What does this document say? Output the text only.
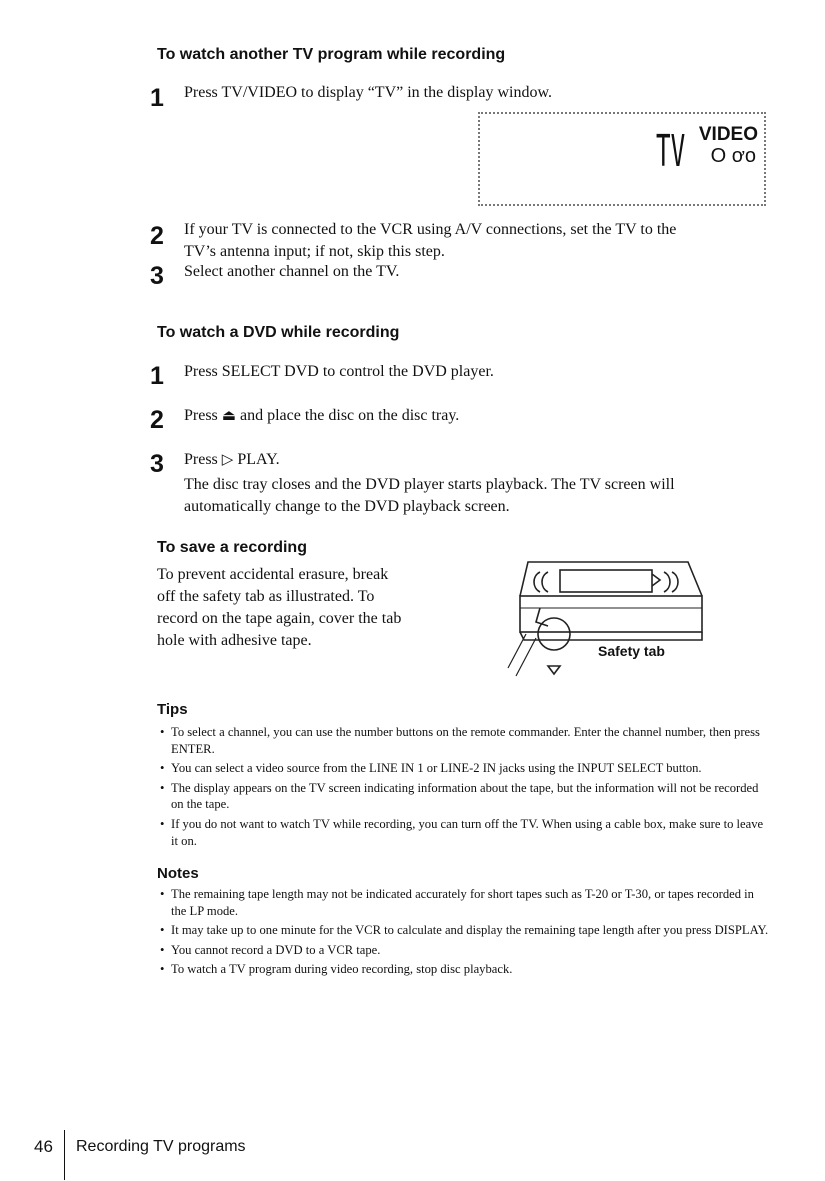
To watch another TV program while recording
1 Press TV/VIDEO to display “TV” in the display window.
VIDEO
TV O ơo
2 If your TV is connected to the VCR using A/V connections, set the TV to the
TV’s antenna input; if not, skip this step.
3 Select another channel on the TV.
To watch a DVD while recording
1 Press SELECT DVD to control the DVD player.
2 Press ⏏ and place the disc on the disc tray.
3 Press ▷ PLAY.
The disc tray closes and the DVD player starts playback. The TV screen will
automatically change to the DVD playback screen.
To save a recording
To prevent accidental erasure, break
off the safety tab as illustrated. To
record on the tape again, cover the tab
hole with adhesive tape.
Safety tab
Tips
• To select a channel, you can use the number buttons on the remote commander. Enter the channel number, then press ENTER.
• You can select a video source from the LINE IN 1 or LINE-2 IN jacks using the INPUT SELECT button.
• The display appears on the TV screen indicating information about the tape, but the information will not be recorded on the tape.
• If you do not want to watch TV while recording, you can turn off the TV. When using a cable box, make sure to leave it on.
Notes
• The remaining tape length may not be indicated accurately for short tapes such as T-20 or T-30, or tapes recorded in the LP mode.
• It may take up to one minute for the VCR to calculate and display the remaining tape length after you press DISPLAY.
• You cannot record a DVD to a VCR tape.
• To watch a TV program during video recording, stop disc playback.
46 Recording TV programs
